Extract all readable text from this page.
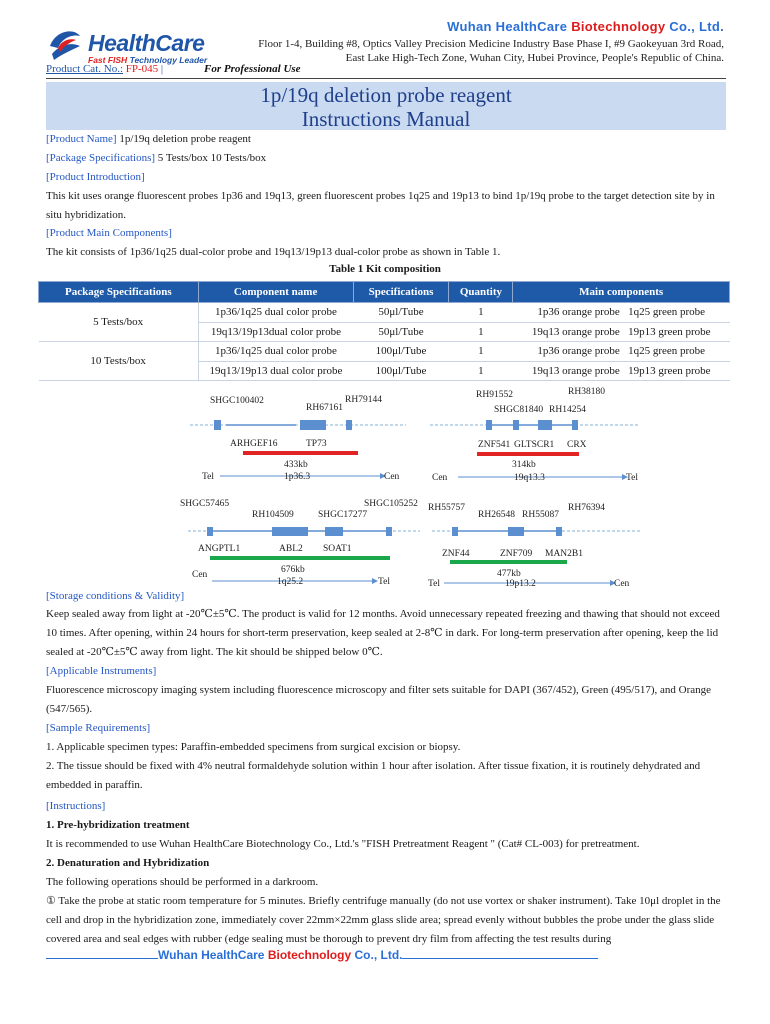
HealthCare
Fast FISH Technology Leader
Wuhan HealthCare Biotechnology Co., Ltd.
Floor 1-4, Building #8, Optics Valley Precision Medicine Industry Base Phase I, #9 Gaokeyuan 3rd Road,
East Lake High-Tech Zone, Wuhan City, Hubei Province, People's Republic of China.
Product Cat. No.: FP-045 |	For Professional Use
1p/19q deletion probe reagent
Instructions Manual
[Product Name] 1p/19q deletion probe reagent
[Package Specifications] 5 Tests/box 10 Tests/box
[Product Introduction]
This kit uses orange fluorescent probes 1p36 and 19q13, green fluorescent probes 1q25 and 19p13 to bind 1p/19q probe to the target detection site by in situ hybridization.
[Product Main Components]
The kit consists of 1p36/1q25 dual-color probe and 19q13/19p13 dual-color probe as shown in Table 1.
Table 1 Kit composition
Package Specifications	Component name	Specifications	Quantity	Main components
5 Tests/box	1p36/1q25 dual color probe	50μl/Tube	1	1p36 orange probe 1q25 green probe
	19q13/19p13dual color probe	50μl/Tube	1	19q13 orange probe 19p13 green probe
10 Tests/box	1p36/1q25 dual color probe	100μl/Tube	1	1p36 orange probe 1q25 green probe
	19q13/19p13 dual color probe	100μl/Tube	1	19q13 orange probe 19p13 green probe
SHGC100402
RH67161
RH79144
ARHGEF16	TP73
433kb
Tel	Cen
1p36.3
RH91552	RH38180
SHGC81840 RH14254
ZNF541 GLTSCR1 CRX
314kb
Cen	Tel
19q13.3
SHGC57465	SHGC105252
RH104509	SHGC17277
ANGPTL1	ABL2 SOAT1
676kb
Cen
Tel
1q25.2
RH55757
RH26548 RH55087
RH76394
ZNF44	ZNF709 MAN2B1
477kb
Tel	Cen
19p13.2
[Storage conditions & Validity]
Keep sealed away from light at -20℃±5℃. The product is valid for 12 months. Avoid unnecessary repeated freezing and thawing that should not exceed 10 times. After opening, within 24 hours for short-term preservation, keep sealed at 2-8℃ in dark. For long-term preservation after opening, keep the lid sealed at -20℃±5℃ away from light. The kit should be shipped below 0℃.
[Applicable Instruments]
Fluorescence microscopy imaging system including fluorescence microscopy and filter sets suitable for DAPI (367/452), Green (495/517), and Orange (547/565).
[Sample Requirements]
1. Applicable specimen types: Paraffin-embedded specimens from surgical excision or biopsy.
2. The tissue should be fixed with 4% neutral formaldehyde solution within 1 hour after isolation. After tissue fixation, it is routinely dehydrated and embedded in paraffin.
[Instructions]
1. Pre-hybridization treatment
It is recommended to use Wuhan HealthCare Biotechnology Co., Ltd.'s "FISH Pretreatment Reagent " (Cat# CL-003) for pretreatment.
2. Denaturation and Hybridization
The following operations should be performed in a darkroom.
① Take the probe at static room temperature for 5 minutes. Briefly centrifuge manually (do not use vortex or shaker instrument). Take 10μl droplet in the cell and drop in the hybridization zone, immediately cover 22mm×22mm glass slide area; spread evenly without bubbles the probe under the glass slide covered area and seal edges with rubber (edge sealing must be thorough to prevent dry film from affecting the test results during
Wuhan HealthCare Biotechnology Co., Ltd.
